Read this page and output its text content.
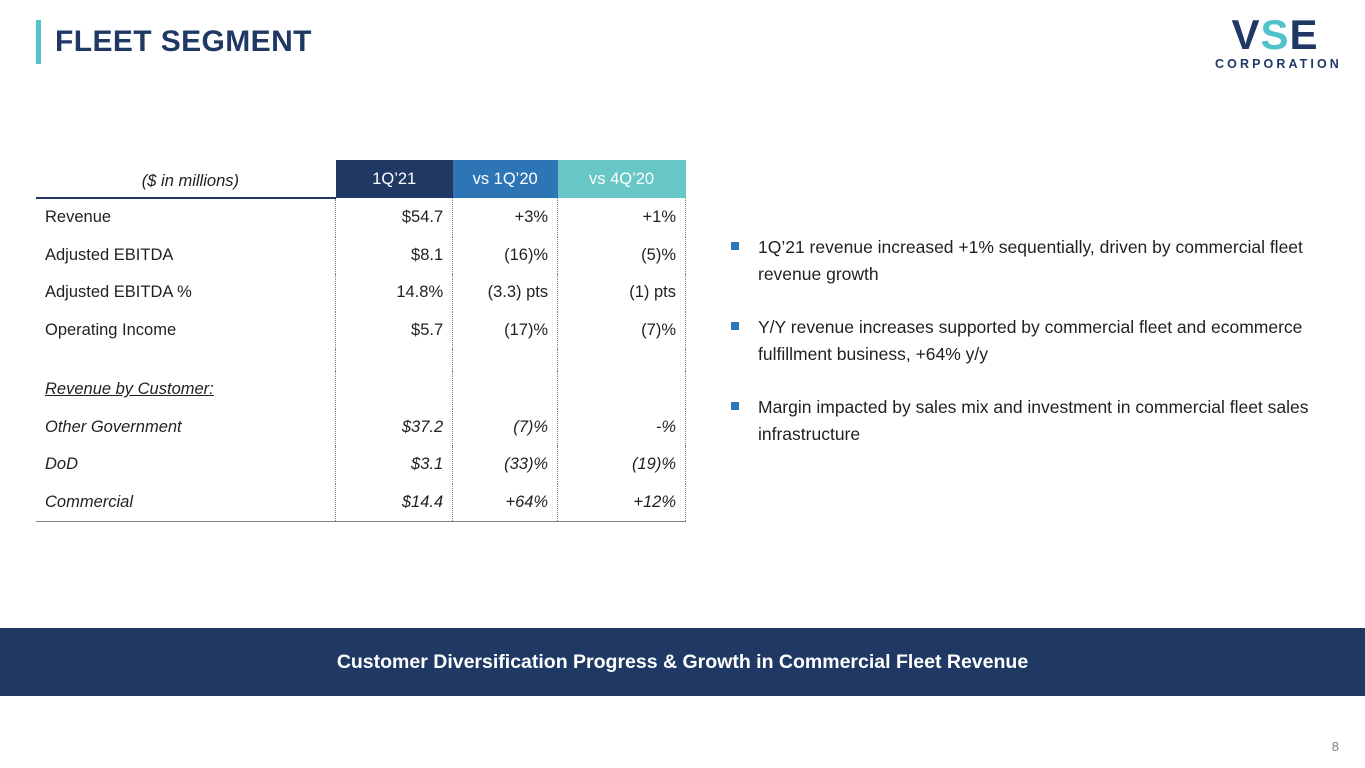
FLEET SEGMENT	V S E
CORPORATION
($ in millions)	1Q’21	vs 1Q’20	vs 4Q’20
Revenue	$54.7	+3%	+1%
Adjusted EBITDA	$8.1	(16)%	(5)%
Adjusted EBITDA %	14.8%	(3.3) pts	(1) pts
Operating Income	$5.7	(17)%	(7)%

Revenue by Customer:			
Other Government	$37.2	(7)%	-%
DoD	$3.1	(33)%	(19)%
Commercial	$14.4	+64%	+12%
1Q’21 revenue increased +1% sequentially, driven by commercial fleet revenue growth
Y/Y revenue increases supported by commercial fleet and ecommerce fulfillment business, +64% y/y
Margin impacted by sales mix and investment in commercial fleet sales infrastructure
Customer Diversification Progress & Growth in Commercial Fleet Revenue
8
